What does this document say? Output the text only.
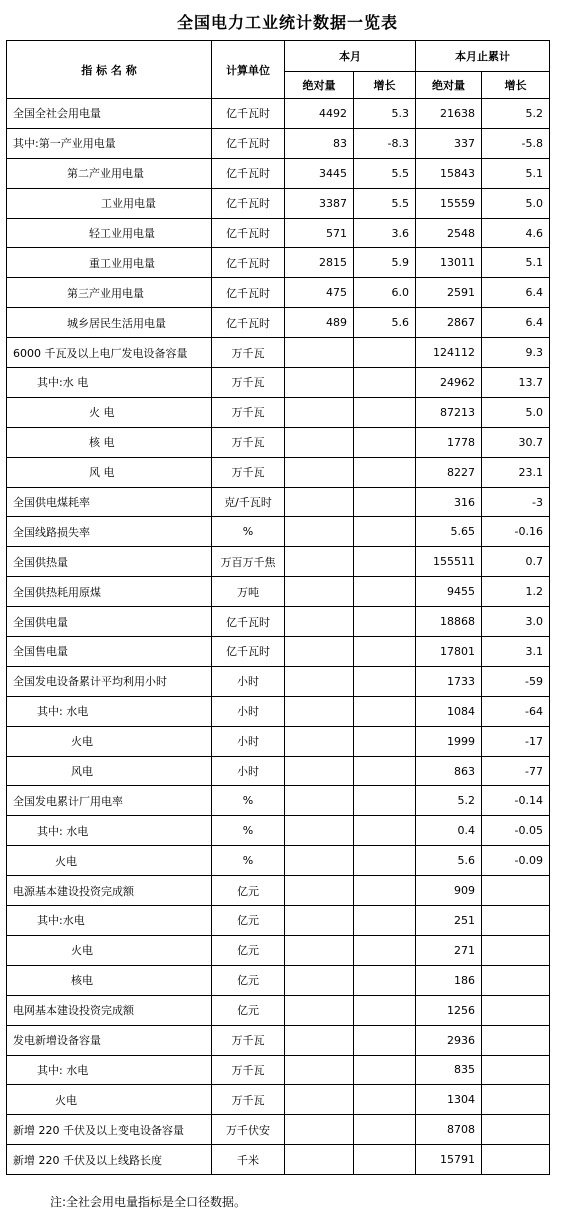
全国电力工业统计数据一览表
指 标 名 称	计算单位	本月		本月止累计	
		绝对量	增长	绝对量	增长
全国全社会用电量	亿千瓦时	4492	5.3	21638	5.2
其中:第一产业用电量	亿千瓦时	83	-8.3	337	-5.8
第二产业用电量	亿千瓦时	3445	5.5	15843	5.1
工业用电量	亿千瓦时	3387	5.5	15559	5.0
轻工业用电量	亿千瓦时	571	3.6	2548	4.6
重工业用电量	亿千瓦时	2815	5.9	13011	5.1
第三产业用电量	亿千瓦时	475	6.0	2591	6.4
城乡居民生活用电量	亿千瓦时	489	5.6	2867	6.4
6000 千瓦及以上电厂发电设备容量	万千瓦			124112	9.3
其中:水 电	万千瓦			24962	13.7
火 电	万千瓦			87213	5.0
核 电	万千瓦			1778	30.7
风 电	万千瓦			8227	23.1
全国供电煤耗率	克/千瓦时			316	-3
全国线路损失率	%			5.65	-0.16
全国供热量	万百万千焦			155511	0.7
全国供热耗用原煤	万吨			9455	1.2
全国供电量	亿千瓦时			18868	3.0
全国售电量	亿千瓦时			17801	3.1
全国发电设备累计平均利用小时	小时			1733	-59
其中: 水电	小时			1084	-64
火电	小时			1999	-17
风电	小时			863	-77
全国发电累计厂用电率	%			5.2	-0.14
其中: 水电	%			0.4	-0.05
火电	%			5.6	-0.09
电源基本建设投资完成额	亿元			909	
其中:水电	亿元			251	
火电	亿元			271	
核电	亿元			186	
电网基本建设投资完成额	亿元			1256	
发电新增设备容量	万千瓦			2936	
其中: 水电	万千瓦			835	
火电	万千瓦			1304	
新增 220 千伏及以上变电设备容量	万千伏安			8708	
新增 220 千伏及以上线路长度	千米			15791	
注:全社会用电量指标是全口径数据。
